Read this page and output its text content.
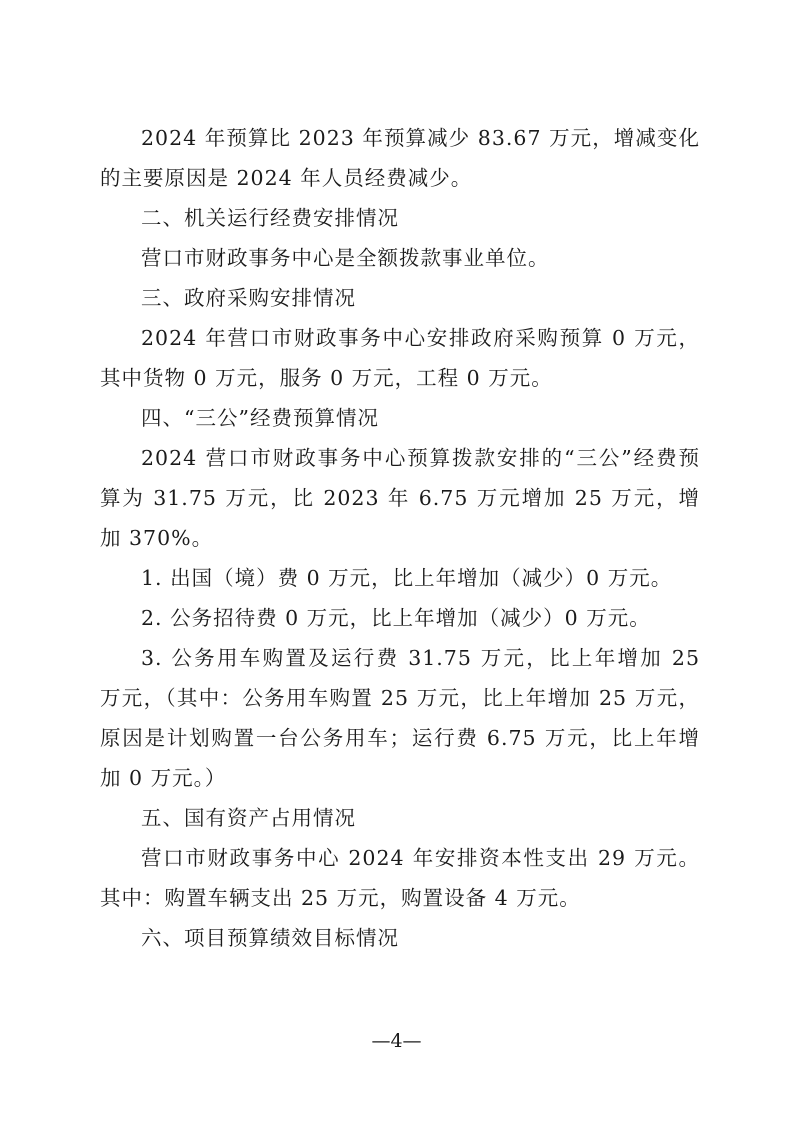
2024 年预算比 2023 年预算减少 83.67 万元，增减变化的主要原因是 2024 年人员经费减少。

二、机关运行经费安排情况

营口市财政事务中心是全额拨款事业单位。

三、政府采购安排情况

2024 年营口市财政事务中心安排政府采购预算 0 万元，其中货物 0 万元，服务 0 万元，工程 0 万元。

四、“三公”经费预算情况

2024 营口市财政事务中心预算拨款安排的“三公”经费预算为 31.75 万元，比 2023 年 6.75 万元增加 25 万元，增加 370%。

1. 出国（境）费 0 万元，比上年增加（减少）0 万元。

2. 公务招待费 0 万元，比上年增加（减少）0 万元。

3. 公务用车购置及运行费 31.75 万元，比上年增加 25 万元，（其中：公务用车购置 25 万元，比上年增加 25 万元，原因是计划购置一台公务用车；运行费 6.75 万元，比上年增加 0 万元。）

五、国有资产占用情况

营口市财政事务中心 2024 年安排资本性支出 29 万元。其中：购置车辆支出 25 万元，购置设备 4 万元。

六、项目预算绩效目标情况

—4—
